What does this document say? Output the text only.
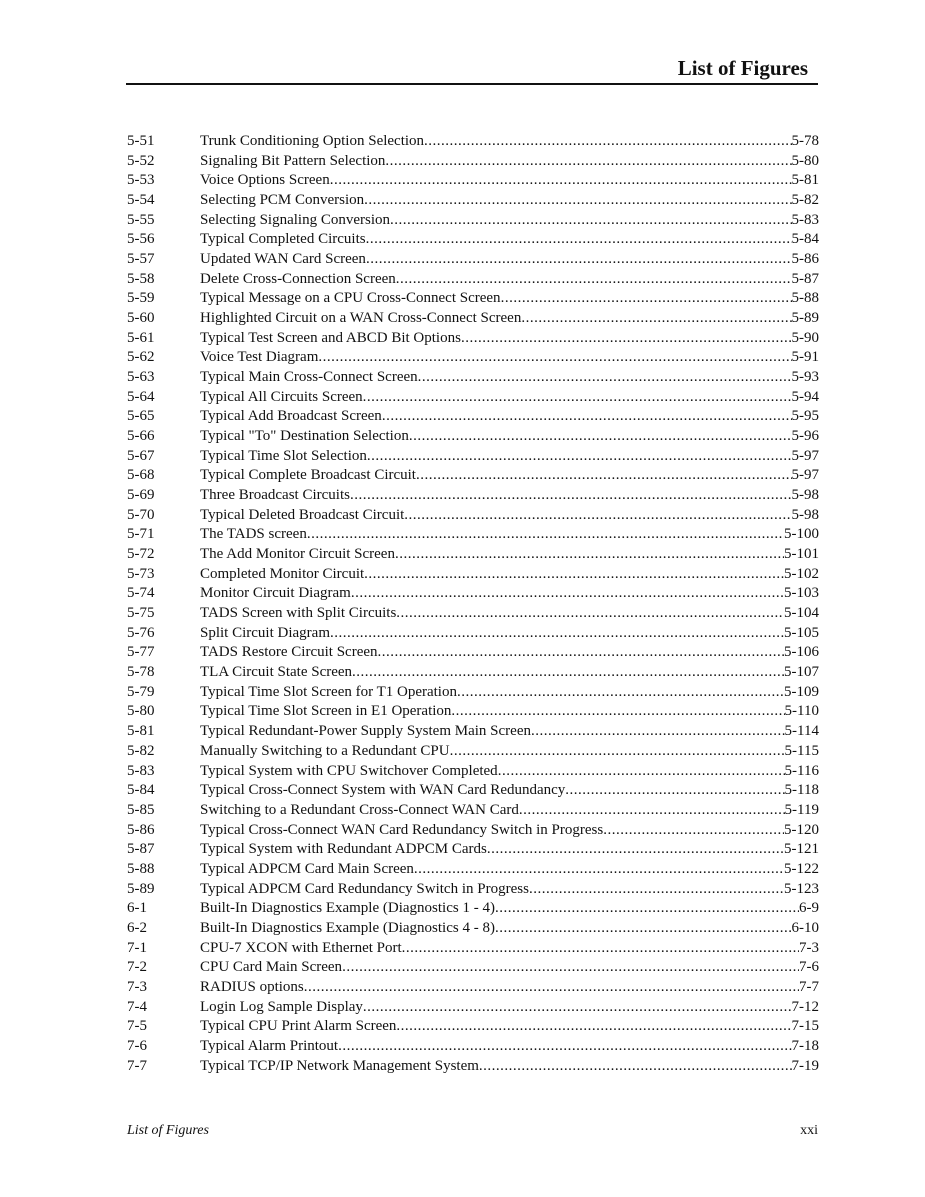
List of Figures
5-51	Trunk Conditioning Option Selection .....	5-78
5-52	Signaling Bit Pattern Selection .....	5-80
5-53	Voice Options Screen .....	5-81
5-54	Selecting PCM Conversion .....	5-82
5-55	Selecting Signaling Conversion .....	5-83
5-56	Typical Completed Circuits .....	5-84
5-57	Updated WAN Card Screen .....	5-86
5-58	Delete Cross-Connection Screen .....	5-87
5-59	Typical Message on a CPU Cross-Connect Screen .....	5-88
5-60	Highlighted Circuit on a WAN Cross-Connect Screen .....	5-89
5-61	Typical Test Screen and ABCD Bit Options .....	5-90
5-62	Voice Test Diagram .....	5-91
5-63	Typical Main Cross-Connect Screen .....	5-93
5-64	Typical All Circuits Screen .....	5-94
5-65	Typical Add Broadcast Screen .....	5-95
5-66	Typical "To" Destination Selection .....	5-96
5-67	Typical Time Slot Selection .....	5-97
5-68	Typical Complete Broadcast Circuit .....	5-97
5-69	Three Broadcast Circuits .....	5-98
5-70	Typical Deleted Broadcast Circuit .....	5-98
5-71	The TADS screen .....	5-100
5-72	The Add Monitor Circuit Screen .....	5-101
5-73	Completed Monitor Circuit .....	5-102
5-74	Monitor Circuit Diagram .....	5-103
5-75	TADS Screen with Split Circuits .....	5-104
5-76	Split Circuit Diagram .....	5-105
5-77	TADS Restore Circuit Screen .....	5-106
5-78	TLA Circuit State Screen .....	5-107
5-79	Typical Time Slot Screen for T1 Operation .....	5-109
5-80	Typical Time Slot Screen in E1 Operation .....	5-110
5-81	Typical Redundant-Power Supply System Main Screen .....	5-114
5-82	Manually Switching to a Redundant CPU .....	5-115
5-83	Typical System with CPU Switchover Completed .....	5-116
5-84	Typical Cross-Connect System with WAN Card Redundancy .....	5-118
5-85	Switching to a Redundant Cross-Connect WAN Card .....	5-119
5-86	Typical Cross-Connect WAN Card Redundancy Switch in Progress .....	5-120
5-87	Typical System with Redundant ADPCM Cards .....	5-121
5-88	Typical ADPCM Card Main Screen .....	5-122
5-89	Typical ADPCM Card Redundancy Switch in Progress .....	5-123
6-1	Built-In Diagnostics Example (Diagnostics 1 - 4) .....	6-9
6-2	Built-In Diagnostics Example (Diagnostics 4 - 8) .....	6-10
7-1	CPU-7 XCON with Ethernet Port .....	7-3
7-2	CPU Card Main Screen .....	7-6
7-3	RADIUS options .....	7-7
7-4	Login Log Sample Display .....	7-12
7-5	Typical CPU Print Alarm Screen .....	7-15
7-6	Typical Alarm Printout .....	7-18
7-7	Typical TCP/IP Network Management System .....	7-19
List of Figures	xxi
